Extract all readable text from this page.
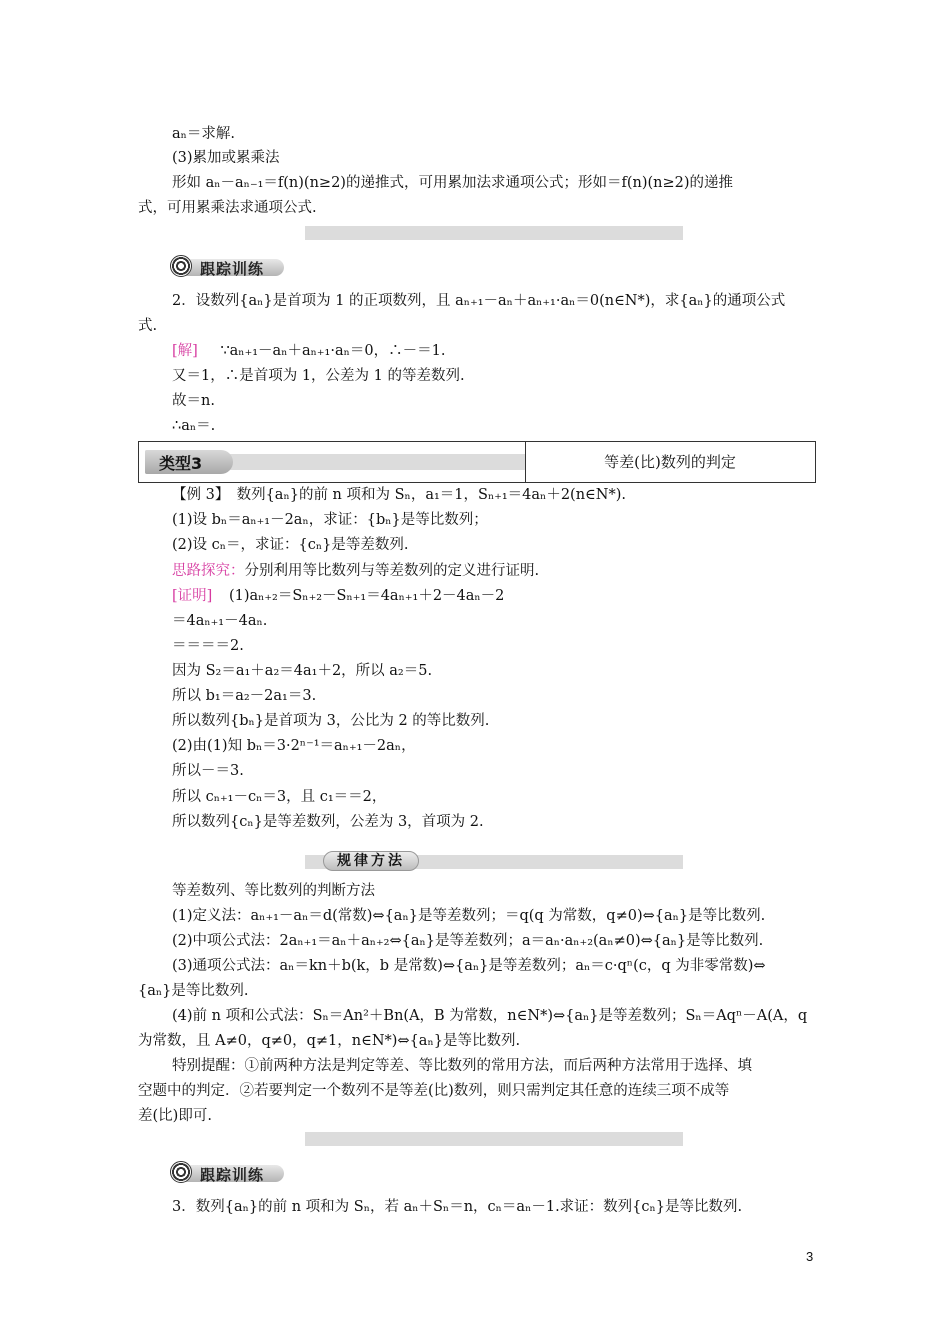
aₙ＝求解.
(3)累加或累乘法
形如 aₙ－aₙ₋₁＝f(n)(n≥2)的递推式，可用累加法求通项公式；形如＝f(n)(n≥2)的递推
式，可用累乘法求通项公式.
跟踪训练
2．设数列{aₙ}是首项为 1 的正项数列，且 aₙ₊₁－aₙ＋aₙ₊₁·aₙ＝0(n∈N*)，求{aₙ}的通项公式
式.
[解] ∵aₙ₊₁－aₙ＋aₙ₊₁·aₙ＝0，∴－＝1.
又＝1，∴是首项为 1，公差为 1 的等差数列.
故＝n.
∴aₙ＝.
类型3	等差(比)数列的判定
【例 3】　数列{aₙ}的前 n 项和为 Sₙ，a₁＝1，Sₙ₊₁＝4aₙ＋2(n∈N*).
(1)设 bₙ＝aₙ₊₁－2aₙ，求证：{bₙ}是等比数列；
(2)设 cₙ＝，求证：{cₙ}是等差数列.
思路探究：分别利用等比数列与等差数列的定义进行证明.
[证明] (1)aₙ₊₂＝Sₙ₊₂－Sₙ₊₁＝4aₙ₊₁＋2－4aₙ－2
＝4aₙ₊₁－4aₙ.
＝＝＝＝2.
因为 S₂＝a₁＋a₂＝4a₁＋2，所以 a₂＝5.
所以 b₁＝a₂－2a₁＝3.
所以数列{bₙ}是首项为 3，公比为 2 的等比数列.
(2)由(1)知 bₙ＝3·2ⁿ⁻¹＝aₙ₊₁－2aₙ，
所以－＝3.
所以 cₙ₊₁－cₙ＝3，且 c₁＝＝2，
所以数列{cₙ}是等差数列，公差为 3，首项为 2.
规律方法
等差数列、等比数列的判断方法
(1)定义法：aₙ₊₁－aₙ＝d(常数)⇔{aₙ}是等差数列；＝q(q 为常数，q≠0)⇔{aₙ}是等比数列.
(2)中项公式法：2aₙ₊₁＝aₙ＋aₙ₊₂⇔{aₙ}是等差数列；a＝aₙ·aₙ₊₂(aₙ≠0)⇔{aₙ}是等比数列.
(3)通项公式法：aₙ＝kn＋b(k，b 是常数)⇔{aₙ}是等差数列；aₙ＝c·qⁿ(c，q 为非零常数)⇔
{aₙ}是等比数列.
(4)前 n 项和公式法：Sₙ＝An²＋Bn(A，B 为常数，n∈N*)⇔{aₙ}是等差数列；Sₙ＝Aqⁿ－A(A，q
为常数，且 A≠0，q≠0，q≠1，n∈N*)⇔{aₙ}是等比数列.
特别提醒：①前两种方法是判定等差、等比数列的常用方法，而后两种方法常用于选择、填
空题中的判定．②若要判定一个数列不是等差(比)数列，则只需判定其任意的连续三项不成等
差(比)即可.
跟踪训练
3．数列{aₙ}的前 n 项和为 Sₙ，若 aₙ＋Sₙ＝n，cₙ＝aₙ－1.求证：数列{cₙ}是等比数列.
3
